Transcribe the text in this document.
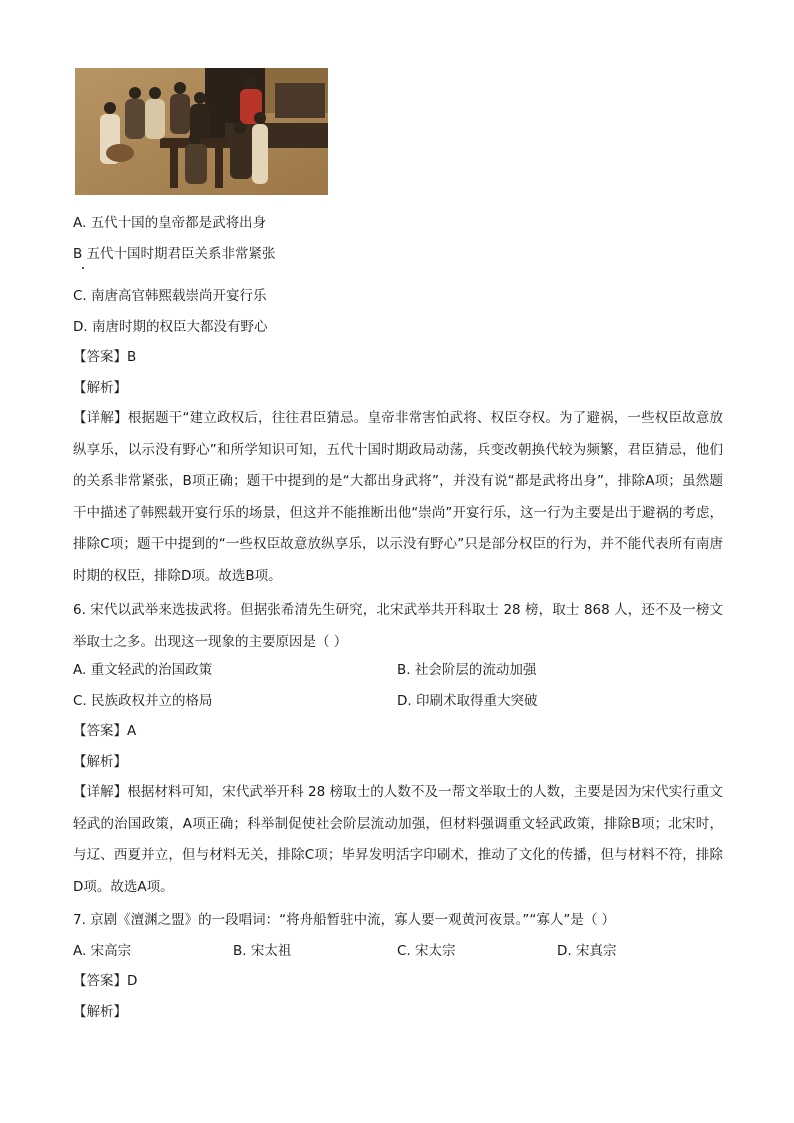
A. 五代十国的皇帝都是武将出身
B 五代十国时期君臣关系非常紧张
C. 南唐高官韩熙载崇尚开宴行乐
D. 南唐时期的权臣大都没有野心
【答案】B
【解析】
【详解】根据题干“建立政权后，往往君臣猜忌。皇帝非常害怕武将、权臣夺权。为了避祸，一些权臣故意放纵享乐，以示没有野心”和所学知识可知，五代十国时期政局动荡，兵变改朝换代较为频繁，君臣猜忌，他们的关系非常紧张，B项正确；题干中提到的是“大都出身武将”，并没有说“都是武将出身”，排除A项；虽然题干中描述了韩熙载开宴行乐的场景，但这并不能推断出他“崇尚”开宴行乐，这一行为主要是出于避祸的考虑，排除C项；题干中提到的“一些权臣故意放纵享乐，以示没有野心”只是部分权臣的行为，并不能代表所有南唐时期的权臣，排除D项。故选B项。
6. 宋代以武举来选拔武将。但据张希清先生研究，北宋武举共开科取士 28 榜，取士 868 人，还不及一榜文举取士之多。出现这一现象的主要原因是（ ）
A. 重文轻武的治国政策	B. 社会阶层的流动加强
C. 民族政权并立的格局	D. 印刷术取得重大突破
【答案】A
【解析】
【详解】根据材料可知，宋代武举开科 28 榜取士的人数不及一帮文举取士的人数，主要是因为宋代实行重文轻武的治国政策，A项正确；科举制促使社会阶层流动加强，但材料强调重文轻武政策，排除B项；北宋时，与辽、西夏并立，但与材料无关，排除C项；毕昇发明活字印刷术，推动了文化的传播，但与材料不符，排除D项。故选A项。
7. 京剧《澶渊之盟》的一段唱词：“将舟船暂驻中流，寡人要一观黄河夜景。”“寡人”是（ ）
A. 宋高宗	B. 宋太祖	C. 宋太宗	D. 宋真宗
【答案】D
【解析】
